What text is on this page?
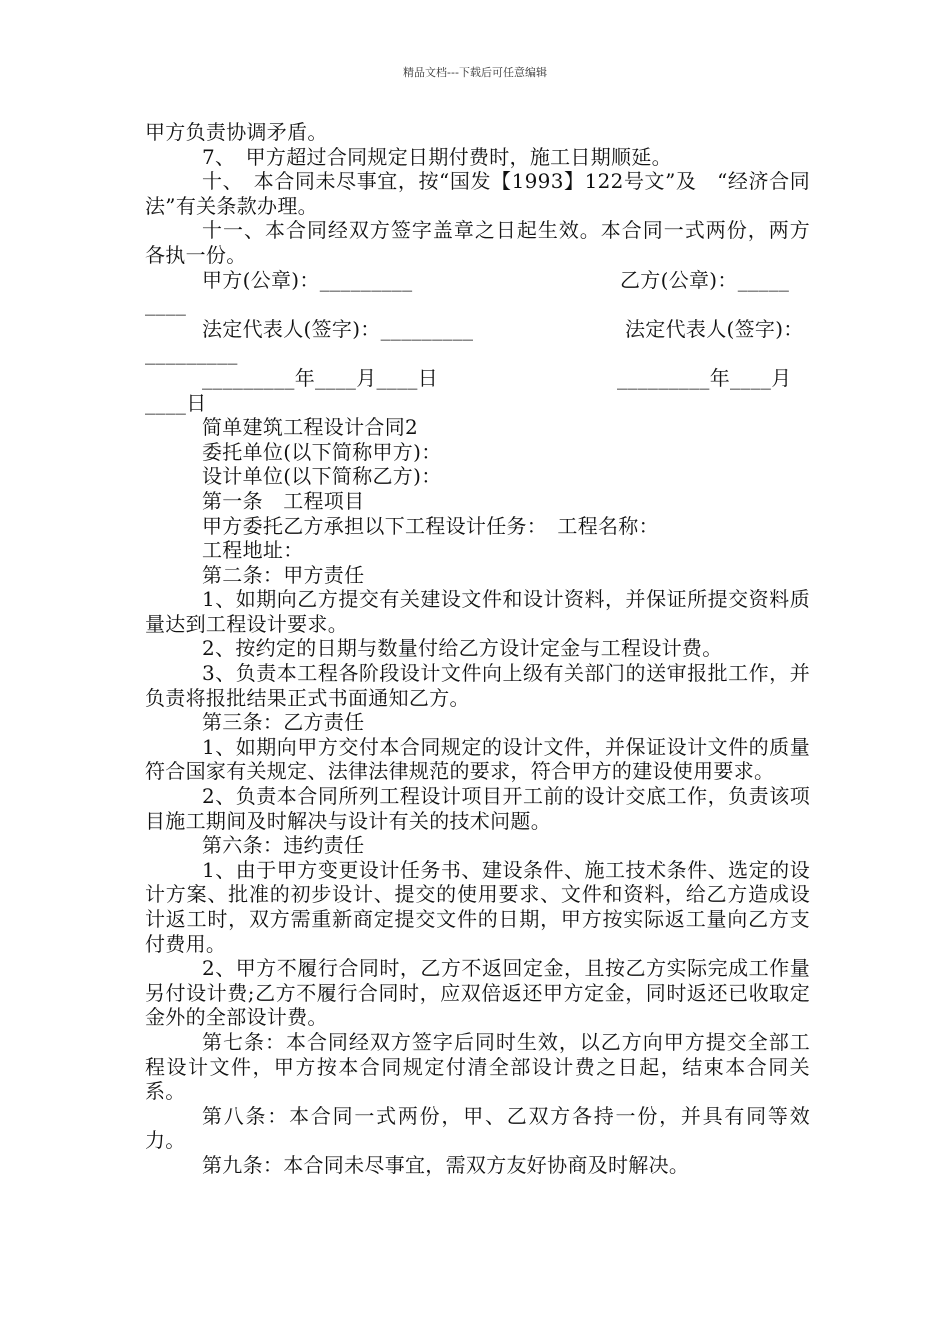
精品文档---下载后可任意编辑

甲方负责协调矛盾。

7、　甲方超过合同规定日期付费时，施工日期顺延。

十、　本合同未尽事宜，按“国发【1993】122号文”及　“经济合同法”有关条款办理。

十一、本合同经双方签字盖章之日起生效。本合同一式两份，两方各执一份。

甲方(公章)：_________	乙方(公章)：_____
____
法定代表人(签字)：_________	法定代表人(签字)：
_________
_________年____月____日	_________年____月
____日

简单建筑工程设计合同2

委托单位(以下简称甲方)：

设计单位(以下简称乙方)：

第一条　工程项目

甲方委托乙方承担以下工程设计任务：　工程名称：

工程地址：

第二条：甲方责任

1、如期向乙方提交有关建设文件和设计资料，并保证所提交资料质量达到工程设计要求。

2、按约定的日期与数量付给乙方设计定金与工程设计费。

3、负责本工程各阶段设计文件向上级有关部门的送审报批工作，并负责将报批结果正式书面通知乙方。

第三条：乙方责任

1、如期向甲方交付本合同规定的设计文件，并保证设计文件的质量符合国家有关规定、法律法律规范的要求，符合甲方的建设使用要求。

2、负责本合同所列工程设计项目开工前的设计交底工作，负责该项目施工期间及时解决与设计有关的技术问题。

第六条：违约责任

1、由于甲方变更设计任务书、建设条件、施工技术条件、选定的设计方案、批准的初步设计、提交的使用要求、文件和资料，给乙方造成设计返工时，双方需重新商定提交文件的日期，甲方按实际返工量向乙方支付费用。

2、甲方不履行合同时，乙方不返回定金，且按乙方实际完成工作量另付设计费;乙方不履行合同时，应双倍返还甲方定金，同时返还已收取定金外的全部设计费。

第七条：本合同经双方签字后同时生效，以乙方向甲方提交全部工程设计文件，甲方按本合同规定付清全部设计费之日起，结束本合同关系。

第八条：本合同一式两份，甲、乙双方各持一份，并具有同等效力。

第九条：本合同未尽事宜，需双方友好协商及时解决。
